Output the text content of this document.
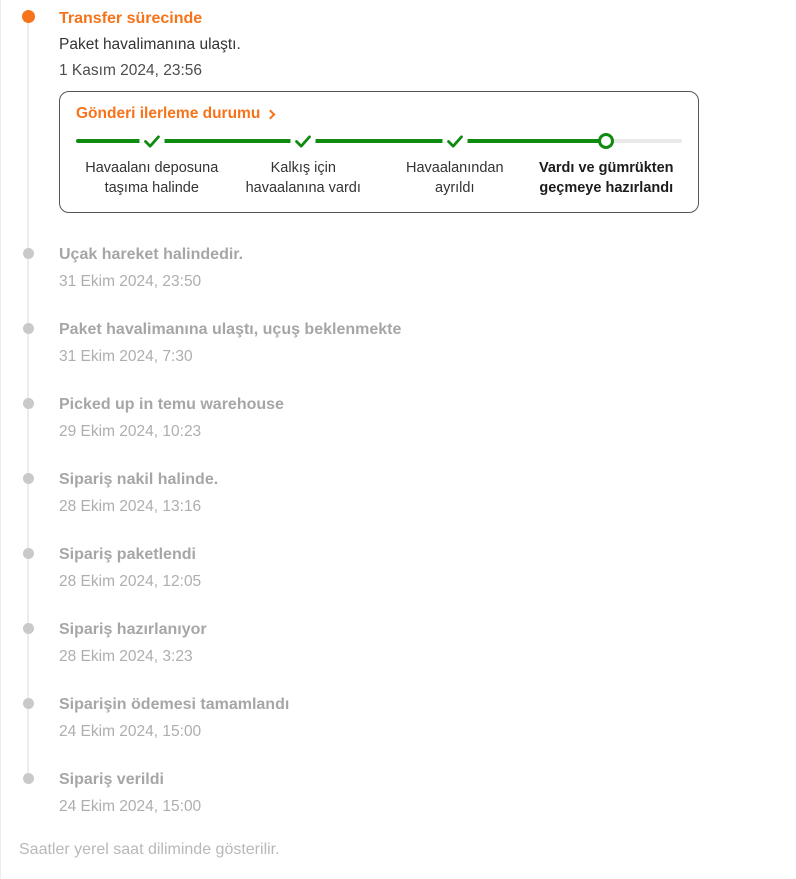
Transfer sürecinde
Paket havalimanına ulaştı.
1 Kasım 2024, 23:56
Gönderi ilerleme durumu
Havaalanı deposuna
taşıma halinde
Kalkış için
havaalanına vardı
Havaalanından
ayrıldı
Vardı ve gümrükten
geçmeye hazırlandı
Uçak hareket halindedir.
31 Ekim 2024, 23:50
Paket havalimanına ulaştı, uçuş beklenmekte
31 Ekim 2024, 7:30
Picked up in temu warehouse
29 Ekim 2024, 10:23
Sipariş nakil halinde.
28 Ekim 2024, 13:16
Sipariş paketlendi
28 Ekim 2024, 12:05
Sipariş hazırlanıyor
28 Ekim 2024, 3:23
Siparişin ödemesi tamamlandı
24 Ekim 2024, 15:00
Sipariş verildi
24 Ekim 2024, 15:00
Saatler yerel saat diliminde gösterilir.
